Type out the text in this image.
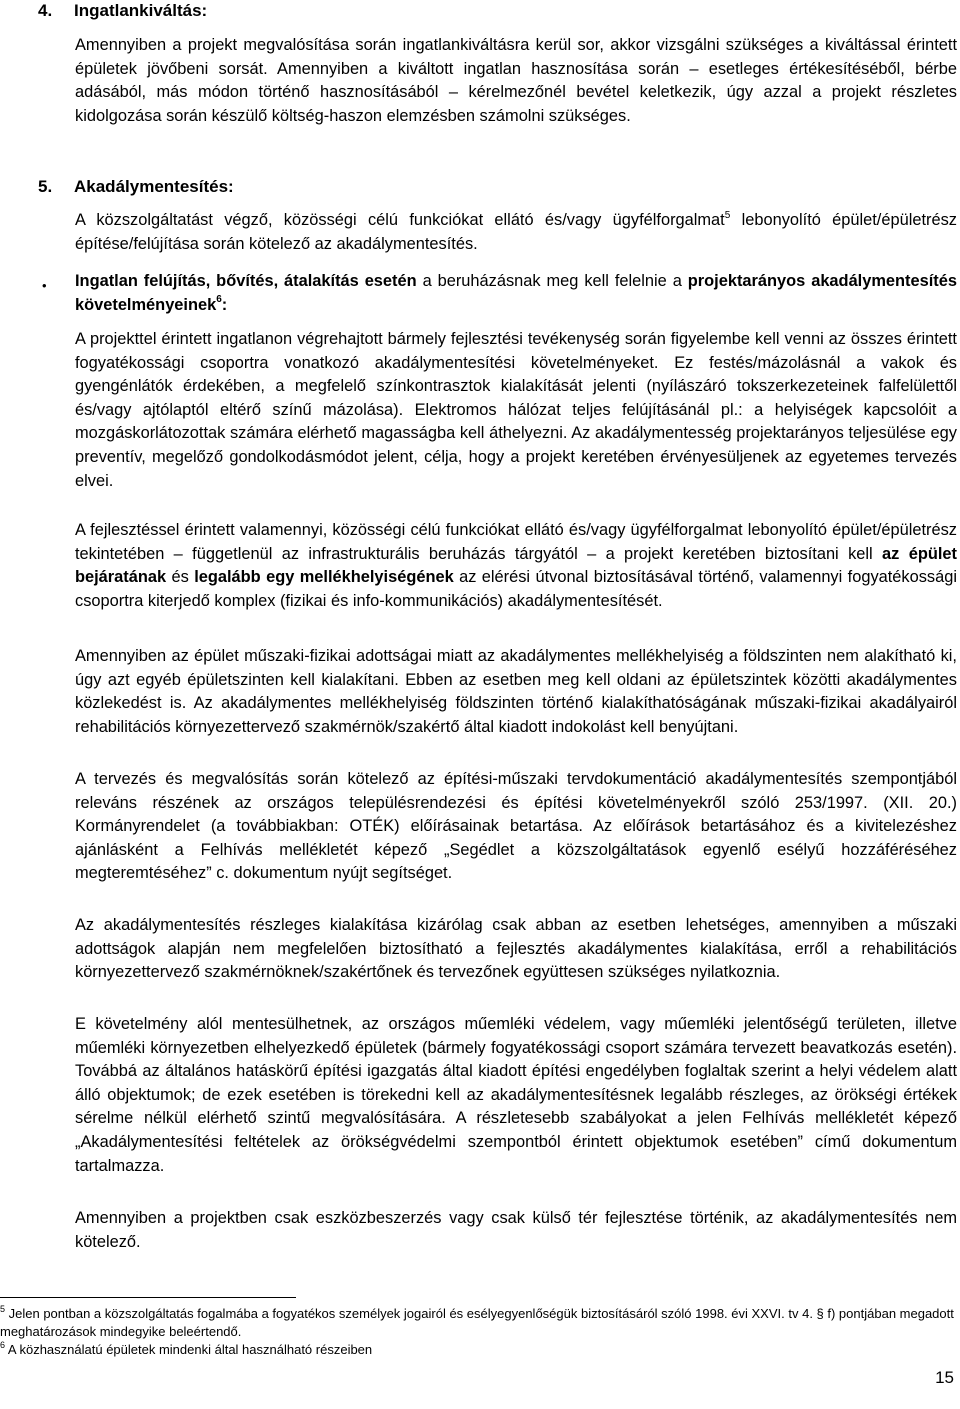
4. Ingatlankiváltás:
Amennyiben a projekt megvalósítása során ingatlankiváltásra kerül sor, akkor vizsgálni szükséges a kiváltással érintett épületek jövőbeni sorsát. Amennyiben a kiváltott ingatlan hasznosítása során – esetleges értékesítéséből, bérbe adásából, más módon történő hasznosításából – kérelmezőnél bevétel keletkezik, úgy azzal a projekt részletes kidolgozása során készülő költség-haszon elemzésben számolni szükséges.
5. Akadálymentesítés:
A közszolgáltatást végző, közösségi célú funkciókat ellátó és/vagy ügyfélforgalmat$^5$ lebonyolító épület/épületrész építése/felújítása során kötelező az akadálymentesítés.
• Ingatlan felújítás, bővítés, átalakítás esetén a beruházásnak meg kell felelnie a projektarányos akadálymentesítés követelményeinek$^6$:
A projekttel érintett ingatlanon végrehajtott bármely fejlesztési tevékenység során figyelembe kell venni az összes érintett fogyatékossági csoportra vonatkozó akadálymentesítési követelményeket. Ez festés/mázolásnál a vakok és gyengénlátók érdekében, a megfelelő színkontrasztok kialakítását jelenti (nyílászáró tokszerkezeteinek falfelülettől és/vagy ajtólaptól eltérő színű mázolása). Elektromos hálózat teljes felújításánál pl.: a helyiségek kapcsolóit a mozgáskorlátozottak számára elérhető magasságba kell áthelyezni. Az akadálymentesség projektarányos teljesülése egy preventív, megelőző gondolkodásmódot jelent, célja, hogy a projekt keretében érvényesüljenek az egyetemes tervezés elvei.
A fejlesztéssel érintett valamennyi, közösségi célú funkciókat ellátó és/vagy ügyfélforgalmat lebonyolító épület/épületrész tekintetében – függetlenül az infrastrukturális beruházás tárgyától – a projekt keretében biztosítani kell az épület bejáratának és legalább egy mellékhelyiségének az elérési útvonal biztosításával történő, valamennyi fogyatékossági csoportra kiterjedő komplex (fizikai és info-kommunikációs) akadálymentesítését.
Amennyiben az épület műszaki-fizikai adottságai miatt az akadálymentes mellékhelyiség a földszinten nem alakítható ki, úgy azt egyéb épületszinten kell kialakítani. Ebben az esetben meg kell oldani az épületszintek közötti akadálymentes közlekedést is. Az akadálymentes mellékhelyiség földszinten történő kialakíthatóságának műszaki-fizikai akadályairól rehabilitációs környezettervező szakmérnök/szakértő által kiadott indokolást kell benyújtani.
A tervezés és megvalósítás során kötelező az építési-műszaki tervdokumentáció akadálymentesítés szempontjából releváns részének az országos településrendezési és építési követelményekről szóló 253/1997. (XII. 20.) Kormányrendelet (a továbbiakban: OTÉK) előírásainak betartása. Az előírások betartásához és a kivitelezéshez ajánlásként a Felhívás mellékletét képező „Segédlet a közszolgáltatások egyenlő esélyű hozzáféréséhez megteremtéséhez” c. dokumentum nyújt segítséget.
Az akadálymentesítés részleges kialakítása kizárólag csak abban az esetben lehetséges, amennyiben a műszaki adottságok alapján nem megfelelően biztosítható a fejlesztés akadálymentes kialakítása, erről a rehabilitációs környezettervező szakmérnöknek/szakértőnek és tervezőnek együttesen szükséges nyilatkoznia.
E követelmény alól mentesülhetnek, az országos műemléki védelem, vagy műemléki jelentőségű területen, illetve műemléki környezetben elhelyezkedő épületek (bármely fogyatékossági csoport számára tervezett beavatkozás esetén). Továbbá az általános hatáskörű építési igazgatás által kiadott építési engedélyben foglaltak szerint a helyi védelem alatt álló objektumok; de ezek esetében is törekedni kell az akadálymentesítésnek legalább részleges, az örökségi értékek sérelme nélkül elérhető szintű megvalósítására. A részletesebb szabályokat a jelen Felhívás mellékletét képező „Akadálymentesítési feltételek az örökségvédelmi szempontból érintett objektumok esetében” című dokumentum tartalmazza.
Amennyiben a projektben csak eszközbeszerzés vagy csak külső tér fejlesztése történik, az akadálymentesítés nem kötelező.
$^5$ Jelen pontban a közszolgáltatás fogalmába a fogyatékos személyek jogairól és esélyegyenlőségük biztosításáról szóló 1998. évi XXVI. tv 4. § f) pontjában megadott meghatározások mindegyike beleértendő.
$^6$ A közhasználatú épületek mindenki által használható részeiben
15
